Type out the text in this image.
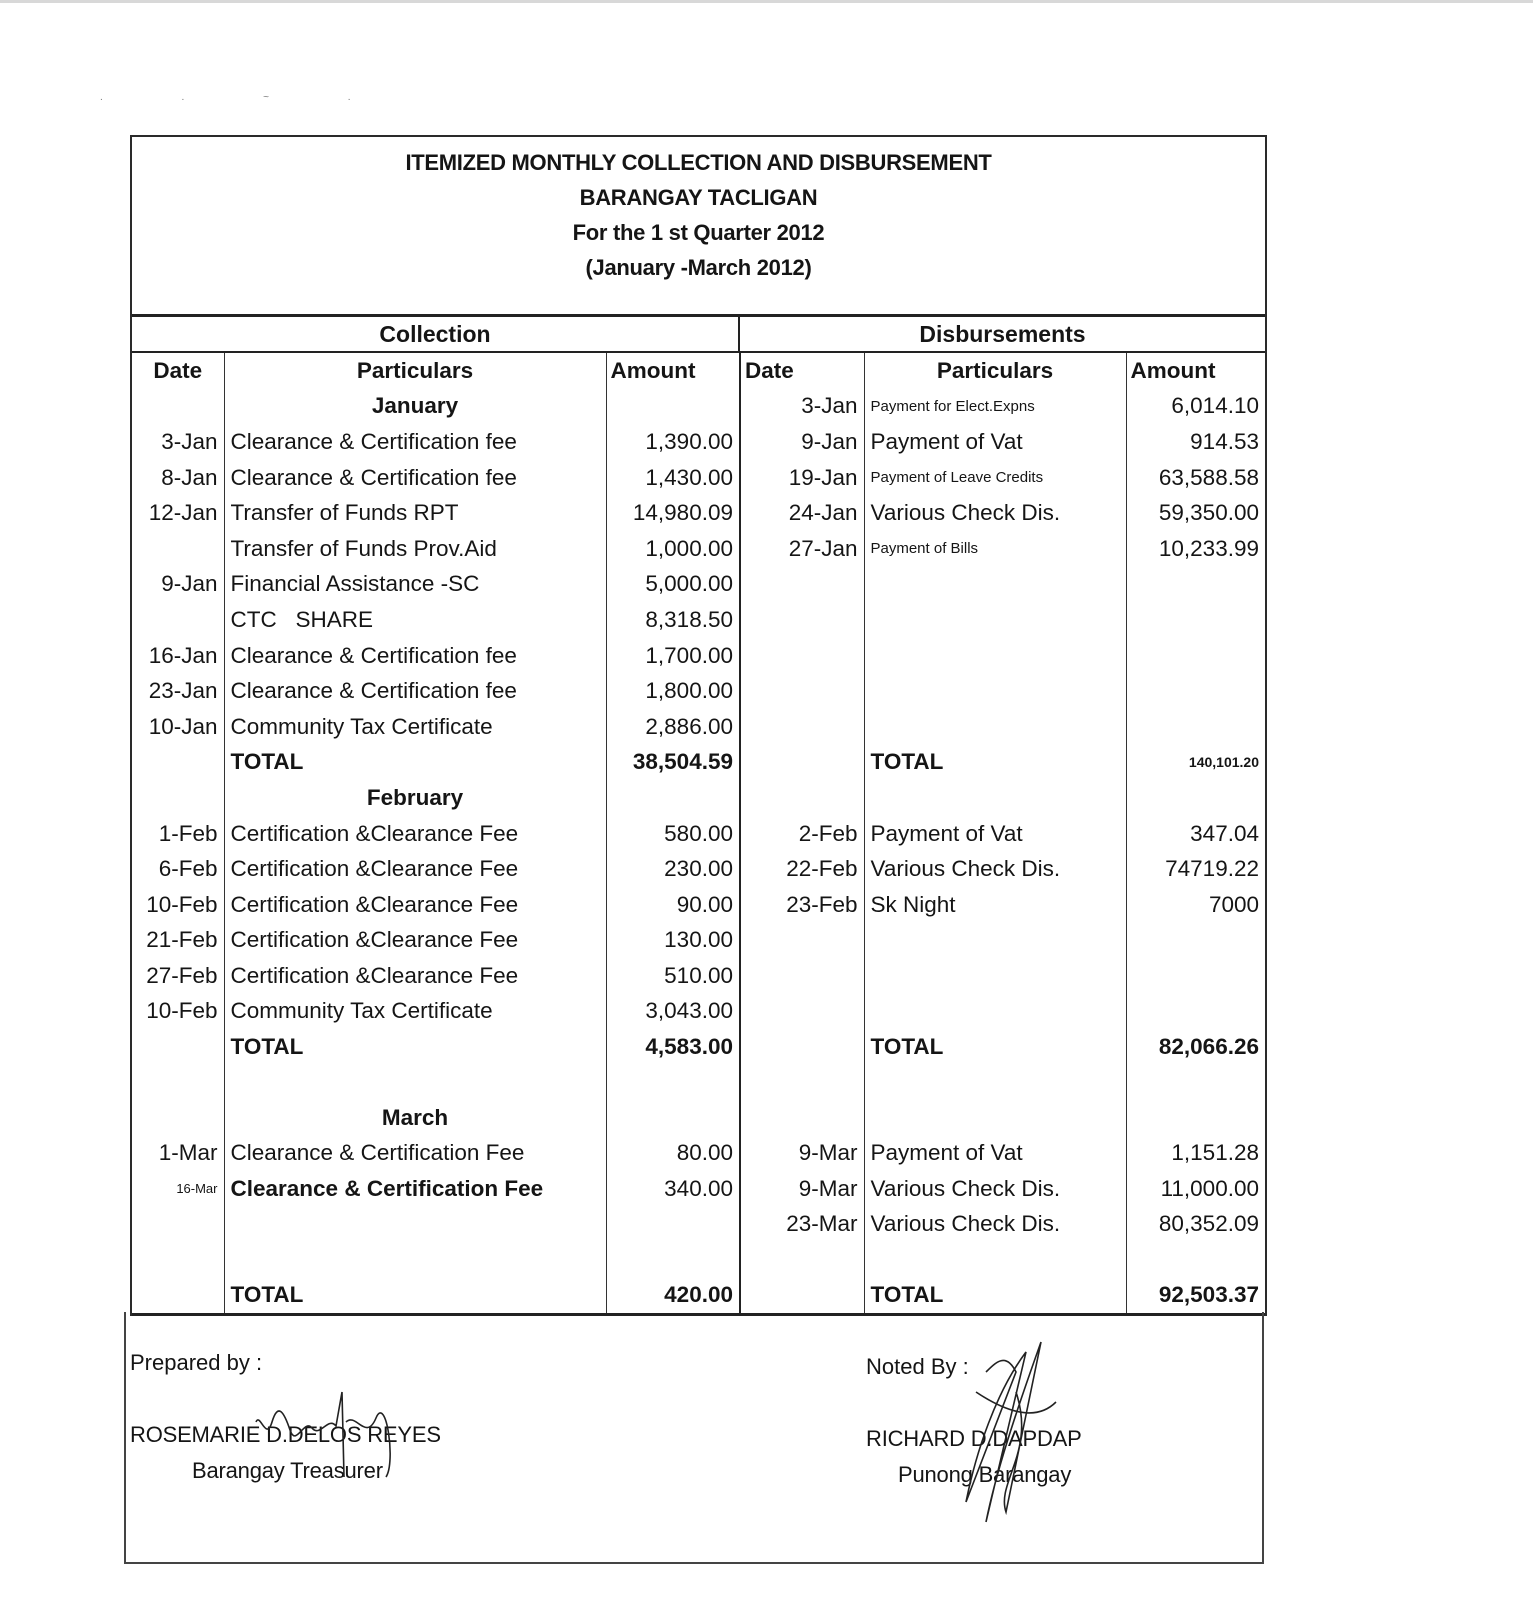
. . ~ .
ITEMIZED MONTHLY COLLECTION AND DISBURSEMENT
BARANGAY TACLIGAN
For the 1 st Quarter 2012
(January -March 2012)
Collection	Disbursements
Date	Particulars	Amount	Date	Particulars	Amount
	January		3-Jan	Payment for Elect.Expns	6,014.10
3-Jan	Clearance & Certification fee	1,390.00	9-Jan	Payment of Vat	914.53
8-Jan	Clearance & Certification fee	1,430.00	19-Jan	Payment of Leave Credits	63,588.58
12-Jan	Transfer of Funds RPT	14,980.09	24-Jan	Various Check Dis.	59,350.00
	Transfer of Funds Prov.Aid	1,000.00	27-Jan	Payment of Bills	10,233.99
9-Jan	Financial Assistance -SC	5,000.00			
	CTC   SHARE	8,318.50			
16-Jan	Clearance & Certification fee	1,700.00			
23-Jan	Clearance & Certification fee	1,800.00			
10-Jan	Community Tax Certificate	2,886.00			
	TOTAL	38,504.59		TOTAL	140,101.20
	February				
1-Feb	Certification &Clearance Fee	580.00	2-Feb	Payment of Vat	347.04
6-Feb	Certification &Clearance Fee	230.00	22-Feb	Various Check Dis.	74719.22
10-Feb	Certification &Clearance Fee	90.00	23-Feb	Sk Night	7000
21-Feb	Certification &Clearance Fee	130.00			
27-Feb	Certification &Clearance Fee	510.00			
10-Feb	Community Tax Certificate	3,043.00			
	TOTAL	4,583.00		TOTAL	82,066.26

	March				
1-Mar	Clearance & Certification Fee	80.00	9-Mar	Payment of Vat	1,151.28
16-Mar	Clearance & Certification Fee	340.00	9-Mar	Various Check Dis.	11,000.00
			23-Mar	Various Check Dis.	80,352.09

	TOTAL	420.00		TOTAL	92,503.37
Prepared by :
ROSEMARIE D.DELOS REYES
Barangay Treasurer
Noted By :
RICHARD D.DAPDAP
Punong Barangay
